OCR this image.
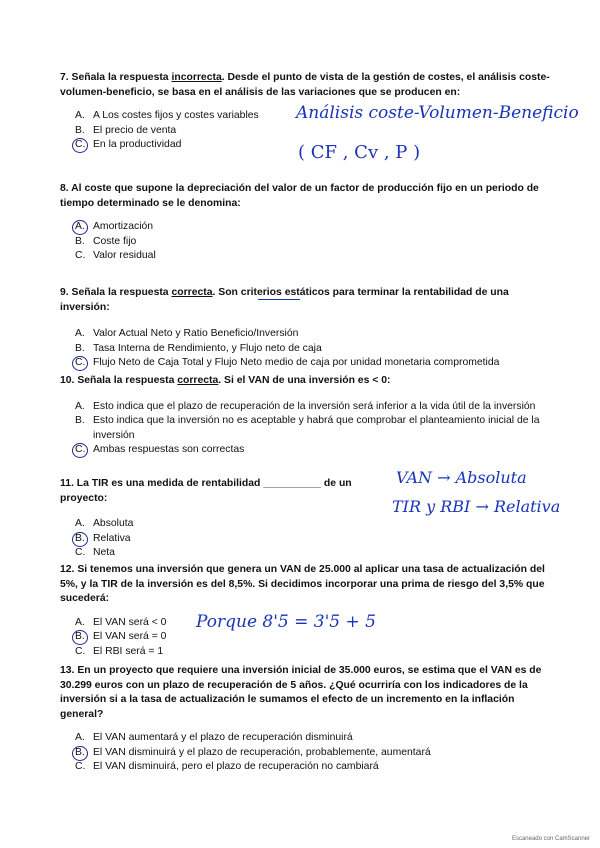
7. Señala la respuesta incorrecta. Desde el punto de vista de la gestión de costes, el análisis coste-volumen-beneficio, se basa en el análisis de las variaciones que se producen en:

A. A Los costes fijos y costes variables
B. El precio de venta
C. En la productividad
Análisis coste-Volumen-Beneficio
( CF , Cv , P )

8. Al coste que supone la depreciación del valor de un factor de producción fijo en un periodo de tiempo determinado se le denomina:

A. Amortización
B. Coste fijo
C. Valor residual

9. Señala la respuesta correcta. Son criterios estáticos para terminar la rentabilidad de una inversión:

A. Valor Actual Neto y Ratio Beneficio/Inversión
B. Tasa Interna de Rendimiento, y Flujo neto de caja
C. Flujo Neto de Caja Total y Flujo Neto medio de caja por unidad monetaria comprometida

10. Señala la respuesta correcta. Si el VAN de una inversión es < 0:

A. Esto indica que el plazo de recuperación de la inversión será inferior a la vida útil de la inversión
B. Esto indica que la inversión no es aceptable y habrá que comprobar el planteamiento inicial de la inversión
C. Ambas respuestas son correctas

11. La TIR es una medida de rentabilidad __________ de un proyecto:

A. Absoluta
B. Relativa
C. Neta
VAN → Absoluta
TIR y RBI → Relativa

12. Si tenemos una inversión que genera un VAN de 25.000 al aplicar una tasa de actualización del 5%, y la TIR de la inversión es del 8,5%. Si decidimos incorporar una prima de riesgo del 3,5% que sucederá:

A. El VAN será < 0
B. El VAN será = 0
C. El RBI será = 1
Porque 8'5 = 3'5 + 5

13. En un proyecto que requiere una inversión inicial de 35.000 euros, se estima que el VAN es de 30.299 euros con un plazo de recuperación de 5 años. ¿Qué ocurriría con los indicadores de la inversión si a la tasa de actualización le sumamos el efecto de un incremento en la inflación general?

A. El VAN aumentará y el plazo de recuperación disminuirá
B. El VAN disminuirá y el plazo de recuperación, probablemente, aumentará
C. El VAN disminuirá, pero el plazo de recuperación no cambiará
Escaneado con CamScanner
